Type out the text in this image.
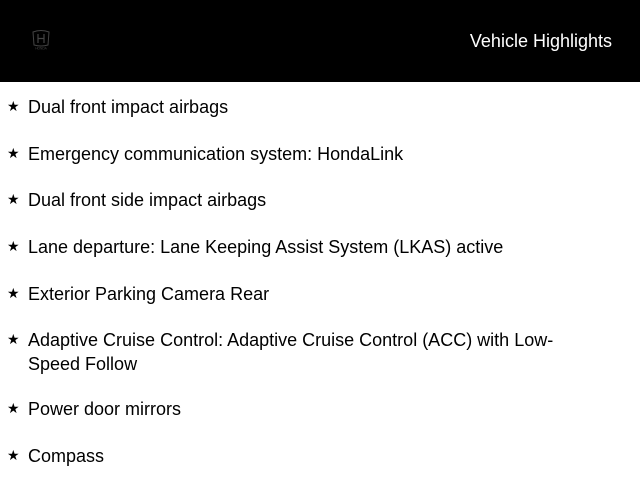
HONDA	Vehicle Highlights
★ Dual front impact airbags
★ Emergency communication system: HondaLink
★ Dual front side impact airbags
★ Lane departure: Lane Keeping Assist System (LKAS) active
★ Exterior Parking Camera Rear
★ Adaptive Cruise Control: Adaptive Cruise Control (ACC) with Low-Speed Follow
★ Power door mirrors
★ Compass
